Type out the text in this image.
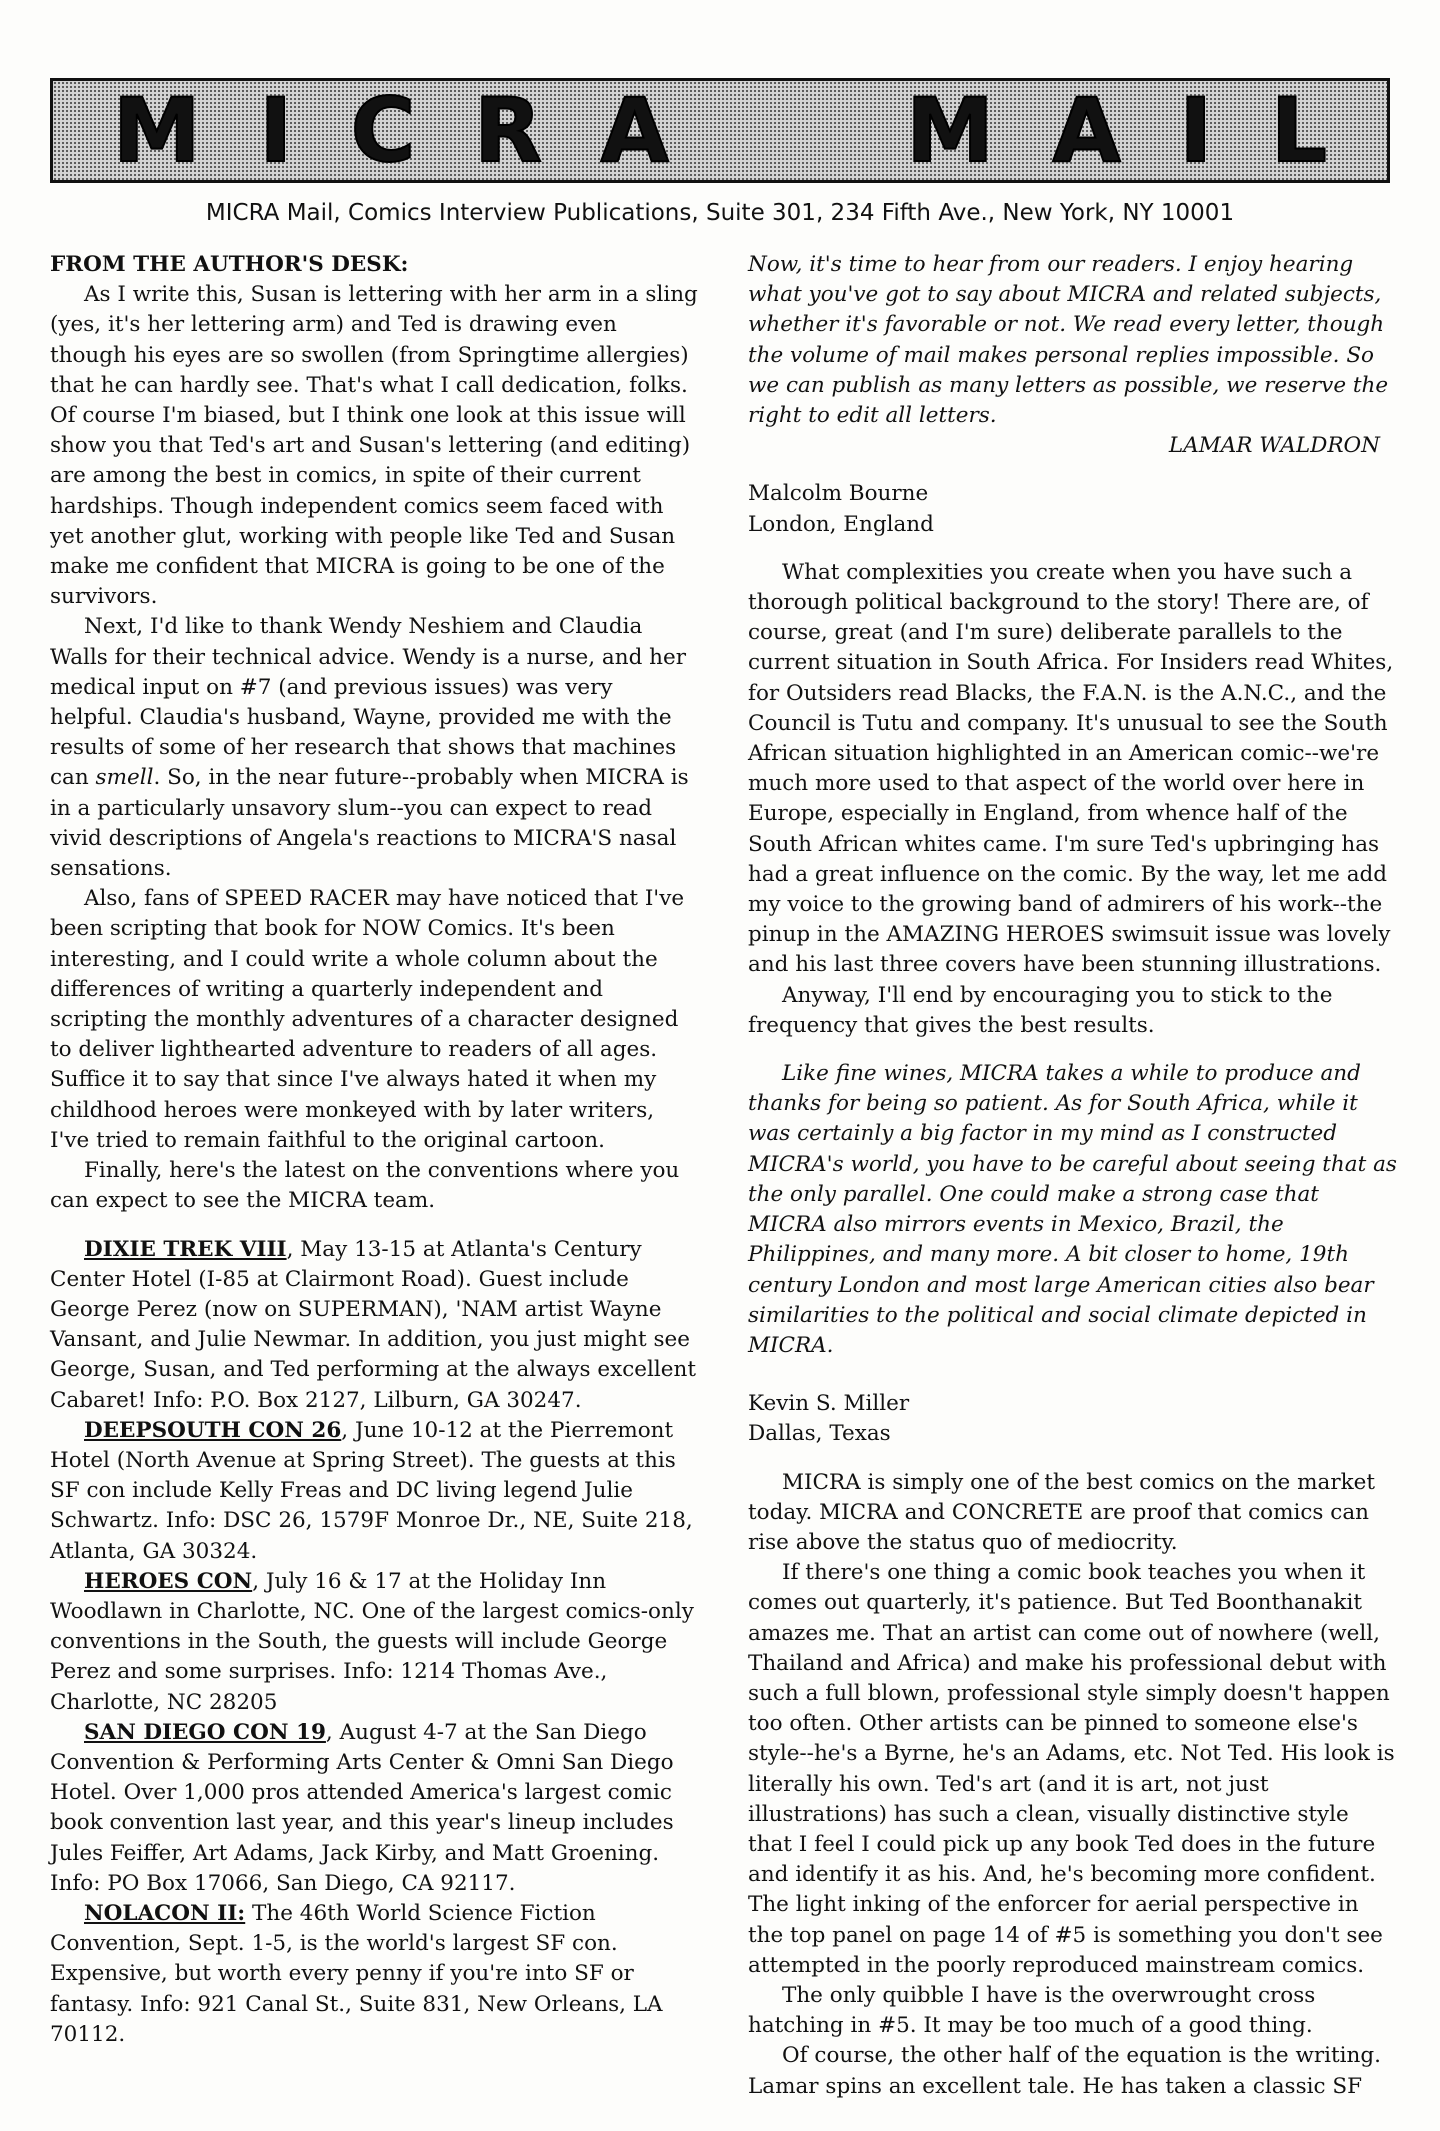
M I C R A	M A I L
MICRA Mail, Comics Interview Publications, Suite 301, 234 Fifth Ave., New York, NY 10001

FROM THE AUTHOR'S DESK:

As I write this, Susan is lettering with her arm in a sling (yes, it's her lettering arm) and Ted is drawing even though his eyes are so swollen (from Springtime allergies) that he can hardly see. That's what I call dedication, folks. Of course I'm biased, but I think one look at this issue will show you that Ted's art and Susan's lettering (and editing) are among the best in comics, in spite of their current hardships. Though independent comics seem faced with yet another glut, working with people like Ted and Susan make me confident that MICRA is going to be one of the survivors.

Next, I'd like to thank Wendy Neshiem and Claudia Walls for their technical advice. Wendy is a nurse, and her medical input on #7 (and previous issues) was very helpful. Claudia's husband, Wayne, provided me with the results of some of her research that shows that machines can smell. So, in the near future--probably when MICRA is in a particularly unsavory slum--you can expect to read vivid descriptions of Angela's reactions to MICRA'S nasal sensations.

Also, fans of SPEED RACER may have noticed that I've been scripting that book for NOW Comics. It's been interesting, and I could write a whole column about the differences of writing a quarterly independent and scripting the monthly adventures of a character designed to deliver lighthearted adventure to readers of all ages. Suffice it to say that since I've always hated it when my childhood heroes were monkeyed with by later writers, I've tried to remain faithful to the original cartoon.

Finally, here's the latest on the conventions where you can expect to see the MICRA team.

DIXIE TREK VIII, May 13-15 at Atlanta's Century Center Hotel (I-85 at Clairmont Road). Guest include George Perez (now on SUPERMAN), 'NAM artist Wayne Vansant, and Julie Newmar. In addition, you just might see George, Susan, and Ted performing at the always excellent Cabaret! Info: P.O. Box 2127, Lilburn, GA 30247.

DEEPSOUTH CON 26, June 10-12 at the Pierremont Hotel (North Avenue at Spring Street). The guests at this SF con include Kelly Freas and DC living legend Julie Schwartz. Info: DSC 26, 1579F Monroe Dr., NE, Suite 218, Atlanta, GA 30324.

HEROES CON, July 16 & 17 at the Holiday Inn Woodlawn in Charlotte, NC. One of the largest comics-only conventions in the South, the guests will include George Perez and some surprises. Info: 1214 Thomas Ave., Charlotte, NC 28205

SAN DIEGO CON 19, August 4-7 at the San Diego Convention & Performing Arts Center & Omni San Diego Hotel. Over 1,000 pros attended America's largest comic book convention last year, and this year's lineup includes Jules Feiffer, Art Adams, Jack Kirby, and Matt Groening. Info: PO Box 17066, San Diego, CA 92117.

NOLACON II: The 46th World Science Fiction Convention, Sept. 1-5, is the world's largest SF con. Expensive, but worth every penny if you're into SF or fantasy. Info: 921 Canal St., Suite 831, New Orleans, LA 70112.

Now, it's time to hear from our readers. I enjoy hearing what you've got to say about MICRA and related subjects, whether it's favorable or not. We read every letter, though the volume of mail makes personal replies impossible. So we can publish as many letters as possible, we reserve the right to edit all letters.

LAMAR WALDRON

Malcolm Bourne

London, England

What complexities you create when you have such a thorough political background to the story! There are, of course, great (and I'm sure) deliberate parallels to the current situation in South Africa. For Insiders read Whites, for Outsiders read Blacks, the F.A.N. is the A.N.C., and the Council is Tutu and company. It's unusual to see the South African situation highlighted in an American comic--we're much more used to that aspect of the world over here in Europe, especially in England, from whence half of the South African whites came. I'm sure Ted's upbringing has had a great influence on the comic. By the way, let me add my voice to the growing band of admirers of his work--the pinup in the AMAZING HEROES swimsuit issue was lovely and his last three covers have been stunning illustrations.

Anyway, I'll end by encouraging you to stick to the frequency that gives the best results.

Like fine wines, MICRA takes a while to produce and thanks for being so patient. As for South Africa, while it was certainly a big factor in my mind as I constructed MICRA's world, you have to be careful about seeing that as the only parallel. One could make a strong case that MICRA also mirrors events in Mexico, Brazil, the Philippines, and many more. A bit closer to home, 19th century London and most large American cities also bear similarities to the political and social climate depicted in MICRA.

Kevin S. Miller

Dallas, Texas

MICRA is simply one of the best comics on the market today. MICRA and CONCRETE are proof that comics can rise above the status quo of mediocrity.

If there's one thing a comic book teaches you when it comes out quarterly, it's patience. But Ted Boonthanakit amazes me. That an artist can come out of nowhere (well, Thailand and Africa) and make his professional debut with such a full blown, professional style simply doesn't happen too often. Other artists can be pinned to someone else's style--he's a Byrne, he's an Adams, etc. Not Ted. His look is literally his own. Ted's art (and it is art, not just illustrations) has such a clean, visually distinctive style that I feel I could pick up any book Ted does in the future and identify it as his. And, he's becoming more confident. The light inking of the enforcer for aerial perspective in the top panel on page 14 of #5 is something you don't see attempted in the poorly reproduced mainstream comics.

The only quibble I have is the overwrought cross hatching in #5. It may be too much of a good thing.

Of course, the other half of the equation is the writing. Lamar spins an excellent tale. He has taken a classic SF
